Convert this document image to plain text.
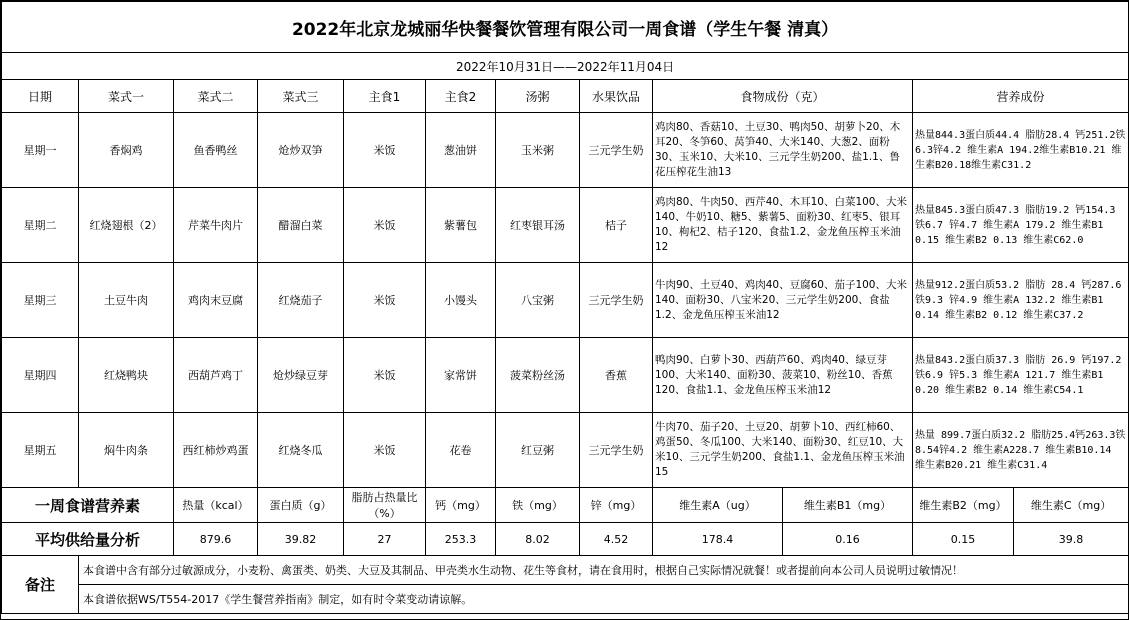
2022年北京龙城丽华快餐餐饮管理有限公司一周食谱（学生午餐 清真）											
2022年10月31日——2022年11月04日											
日期	菜式一	菜式二	菜式三	主食1	主食2	汤粥	水果饮品	食物成份（克）		营养成份	
星期一	香焖鸡	鱼香鸭丝	炝炒双笋	米饭	葱油饼	玉米粥	三元学生奶	鸡肉80、香菇10、土豆30、鸭肉50、胡萝卜20、木耳20、冬笋60、莴笋40、大米140、大葱2、面粉30、玉米10、大米10、三元学生奶200、盐1.1、鲁花压榨花生油13		热量844.3蛋白质44.4 脂肪28.4 钙251.2铁6.3锌4.2 维生素A 194.2维生素B10.21 维生素B20.18维生素C31.2	
星期二	红烧翅根（2）	芹菜牛肉片	醋溜白菜	米饭	紫薯包	红枣银耳汤	桔子	鸡肉80、牛肉50、西芹40、木耳10、白菜100、大米140、牛奶10、糖5、紫薯5、面粉30、红枣5、银耳10、枸杞2、桔子120、食盐1.2、金龙鱼压榨玉米油12		热量845.3蛋白质47.3 脂肪19.2 钙154.3 铁6.7 锌4.7 维生素A 179.2 维生素B1 0.15 维生素B2 0.13 维生素C62.0	
星期三	土豆牛肉	鸡肉末豆腐	红烧茄子	米饭	小馒头	八宝粥	三元学生奶	牛肉90、土豆40、鸡肉40、豆腐60、茄子100、大米140、面粉30、八宝米20、三元学生奶200、食盐1.2、金龙鱼压榨玉米油12		热量912.2蛋白质53.2 脂肪 28.4 钙287.6 铁9.3 锌4.9 维生素A 132.2 维生素B1 0.14 维生素B2 0.12 维生素C37.2	
星期四	红烧鸭块	西葫芦鸡丁	炝炒绿豆芽	米饭	家常饼	菠菜粉丝汤	香蕉	鸭肉90、白萝卜30、西葫芦60、鸡肉40、绿豆芽100、大米140、面粉30、菠菜10、粉丝10、香蕉120、食盐1.1、金龙鱼压榨玉米油12		热量843.2蛋白质37.3 脂肪 26.9 钙197.2 铁6.9 锌5.3 维生素A 121.7 维生素B1 0.20 维生素B2 0.14 维生素C54.1	
星期五	焖牛肉条	西红柿炒鸡蛋	红烧冬瓜	米饭	花卷	红豆粥	三元学生奶	牛肉70、茄子20、土豆20、胡萝卜10、西红柿60、鸡蛋50、冬瓜100、大米140、面粉30、红豆10、大米10、三元学生奶200、食盐1.1、金龙鱼压榨玉米油15		热量 899.7蛋白质32.2 脂肪25.4钙263.3铁8.54锌4.2 维生素A228.7 维生素B10.14 维生素B20.21 维生素C31.4	
一周食谱营养素		热量（kcal）	蛋白质（g）	脂肪占热量比（%）	钙（mg）	铁（mg）	锌（mg）	维生素A（ug）	维生素B1（mg）	维生素B2（mg）	维生素C（mg）
平均供给量分析		879.6	39.82	27	253.3	8.02	4.52	178.4	0.16	0.15	39.8
备注	本食谱中含有部分过敏源成分，小麦粉、禽蛋类、奶类、大豆及其制品、甲壳类水生动物、花生等食材，请在食用时，根据自己实际情况就餐！或者提前向本公司人员说明过敏情况！										
	本食谱依据WS/T554-2017《学生餐营养指南》制定，如有时令菜变动请谅解。										
